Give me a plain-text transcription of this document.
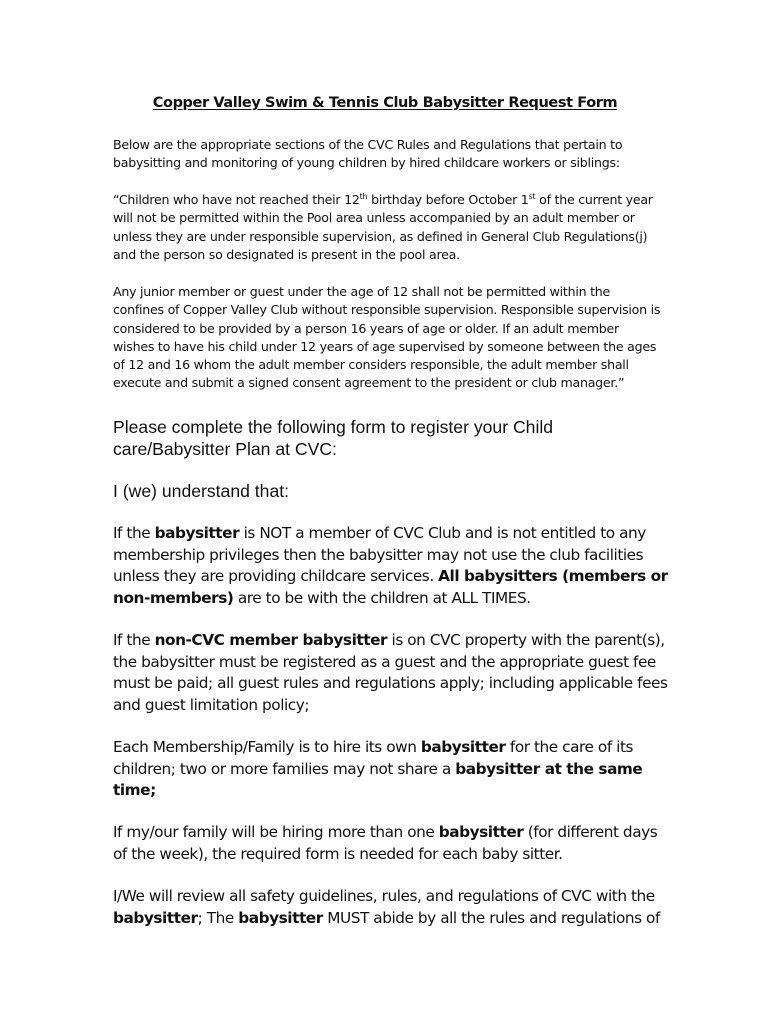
Copper Valley Swim & Tennis Club Babysitter Request Form

Below are the appropriate sections of the CVC Rules and Regulations that pertain to babysitting and monitoring of young children by hired childcare workers or siblings:

“Children who have not reached their 12th birthday before October 1st of the current year will not be permitted within the Pool area unless accompanied by an adult member or unless they are under responsible supervision, as defined in General Club Regulations(j) and the person so designated is present in the pool area.

Any junior member or guest under the age of 12 shall not be permitted within the confines of Copper Valley Club without responsible supervision. Responsible supervision is considered to be provided by a person 16 years of age or older. If an adult member wishes to have his child under 12 years of age supervised by someone between the ages of 12 and 16 whom the adult member considers responsible, the adult member shall execute and submit a signed consent agreement to the president or club manager.”

Please complete the following form to register your Child care/Babysitter Plan at CVC:

I (we) understand that:

If the babysitter is NOT a member of CVC Club and is not entitled to any membership privileges then the babysitter may not use the club facilities unless they are providing childcare services. All babysitters (members or non-members) are to be with the children at ALL TIMES.

If the non-CVC member babysitter is on CVC property with the parent(s), the babysitter must be registered as a guest and the appropriate guest fee must be paid; all guest rules and regulations apply; including applicable fees and guest limitation policy;

Each Membership/Family is to hire its own babysitter for the care of its children; two or more families may not share a babysitter at the same time;

If my/our family will be hiring more than one babysitter (for different days of the week), the required form is needed for each baby sitter.

I/We will review all safety guidelines, rules, and regulations of CVC with the babysitter; The babysitter MUST abide by all the rules and regulations of
